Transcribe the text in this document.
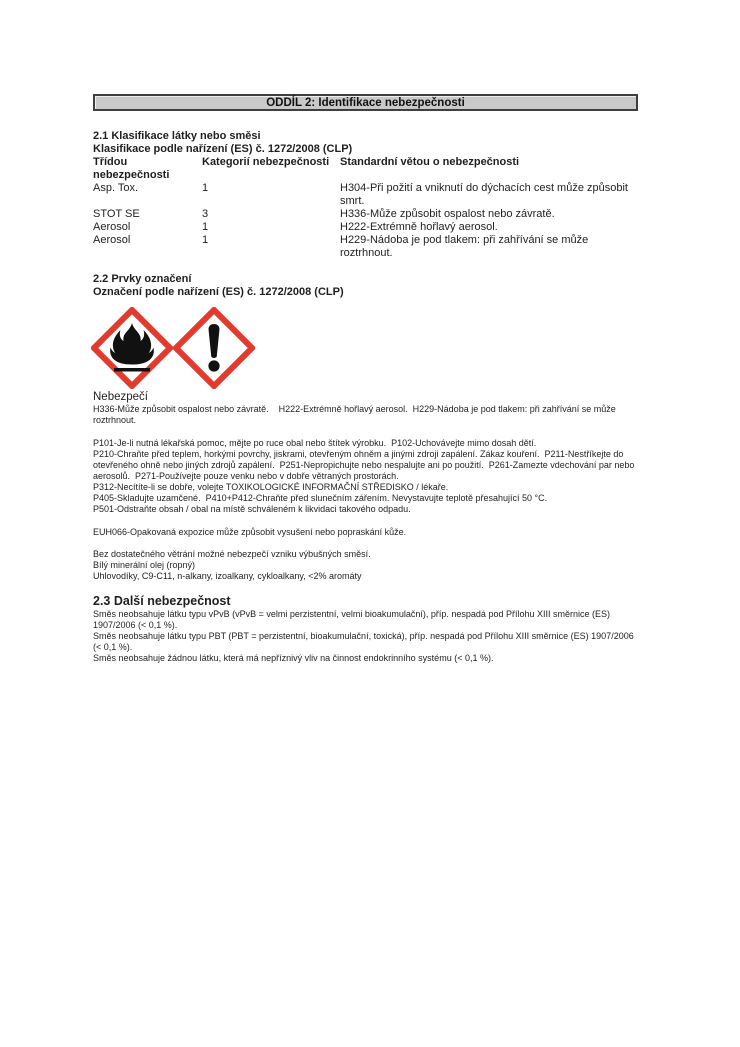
ODDÍL 2: Identifikace nebezpečnosti
2.1 Klasifikace látky nebo směsi
Klasifikace podle nařízení (ES) č. 1272/2008 (CLP)
Třídou nebezpečnosti	Kategorií nebezpečnosti	Standardní větou o nebezpečnosti
Asp. Tox.	1	H304-Při požití a vniknutí do dýchacích cest může způsobit smrt.
STOT SE	3	H336-Může způsobit ospalost nebo závratě.
Aerosol	1	H222-Extrémně hořlavý aerosol.
Aerosol	1	H229-Nádoba je pod tlakem: při zahřívání se může roztrhnout.
2.2 Prvky označení
Označení podle nařízení (ES) č. 1272/2008 (CLP)
Nebezpečí

H336-Může způsobit ospalost nebo závratě.    H222-Extrémně hořlavý aerosol.  H229-Nádoba je pod tlakem: při zahřívání se může roztrhnout.

P101-Je-li nutná lékařská pomoc, mějte po ruce obal nebo štítek výrobku.  P102-Uchovávejte mimo dosah dětí.

P210-Chraňte před teplem, horkými povrchy, jiskrami, otevřeným ohněm a jinými zdroji zapálení. Zákaz kouření.  P211-Nestříkejte do otevřeného ohně nebo jiných zdrojů zapálení.  P251-Nepropichujte nebo nespalujte ani po použití.  P261-Zamezte vdechování par nebo aerosolů.  P271-Používejte pouze venku nebo v dobře větraných prostorách.

P312-Necítíte-li se dobře, volejte TOXIKOLOGICKÉ INFORMAČNÍ STŘEDISKO / lékaře.

P405-Skladujte uzamčené.  P410+P412-Chraňte před slunečním zářením. Nevystavujte teplotě přesahující 50 °C.

P501-Odstraňte obsah / obal na místě schváleném k likvidaci takového odpadu.

EUH066-Opakovaná expozice může způsobit vysušení nebo popraskání kůže.

Bez dostatečného větrání možné nebezpečí vzniku výbušných směsí.

Bílý minerální olej (ropný)

Uhlovodíky, C9-C11, n-alkany, izoalkany, cykloalkany, <2% aromáty

2.3 Další nebezpečnost

Směs neobsahuje látku typu vPvB (vPvB = velmi perzistentní, velmi bioakumulační), příp. nespadá pod Přílohu XIII směrnice (ES) 1907/2006 (< 0,1 %).

Směs neobsahuje látku typu PBT (PBT = perzistentní, bioakumulační, toxická), příp. nespadá pod Přílohu XIII směrnice (ES) 1907/2006 (< 0,1 %).

Směs neobsahuje žádnou látku, která má nepříznivý vliv na činnost endokrinního systému (< 0,1 %).
